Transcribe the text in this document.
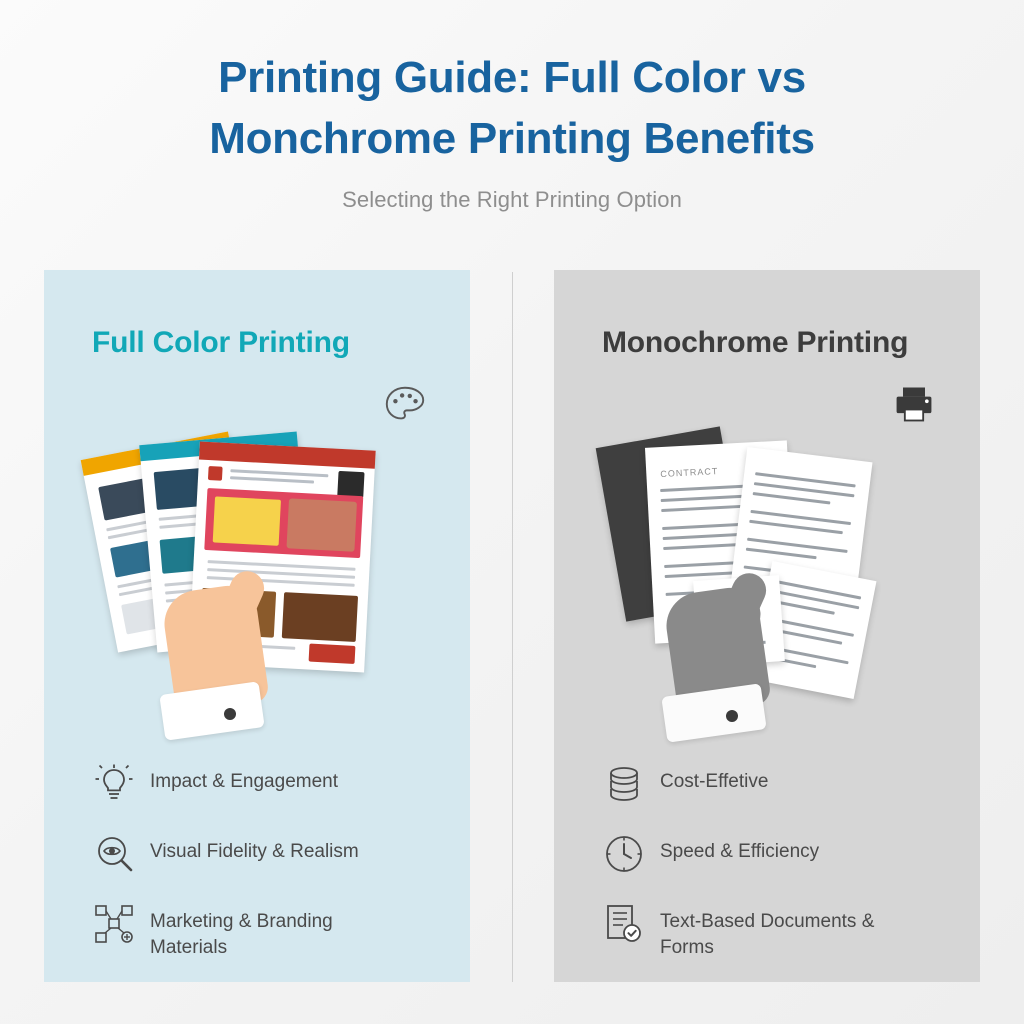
Printing Guide: Full Color vs
Monchrome Printing Benefits
Selecting the Right Printing Option
Full Color Printing
Impact & Engagement
Visual Fidelity & Realism
Marketing & Branding Materials
Monochrome Printing
CONTRACT
Cost-Effetive
Speed & Efficiency
Text-Based Documents & Forms
